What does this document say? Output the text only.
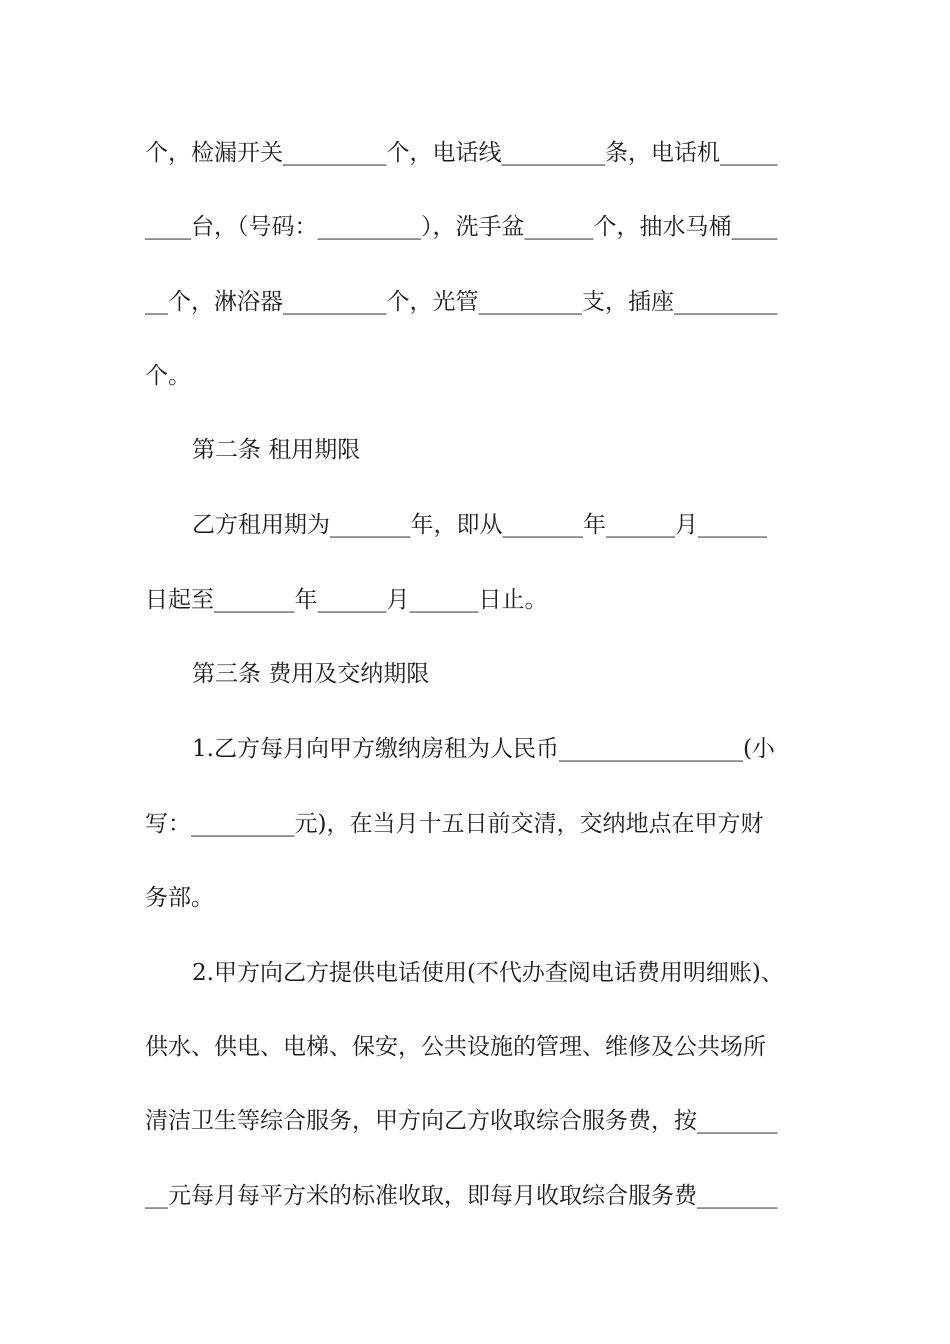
个，检漏开关_________个，电话线_________条，电话机_____

____台，（号码：_________），洗手盆______个，抽水马桶____

__个，淋浴器_________个，光管_________支，插座_________

个。

第二条 租用期限

乙方租用期为_______年，即从_______年______月______

日起至_______年______月______日止。

第三条 费用及交纳期限

1.乙方每月向甲方缴纳房租为人民币________________(小

写：_________元)，在当月十五日前交清，交纳地点在甲方财

务部。

2.甲方向乙方提供电话使用(不代办查阅电话费用明细账)、

供水、供电、电梯、保安，公共设施的管理、维修及公共场所

清洁卫生等综合服务，甲方向乙方收取综合服务费，按_______

__元每月每平方米的标准收取，即每月收取综合服务费_______
